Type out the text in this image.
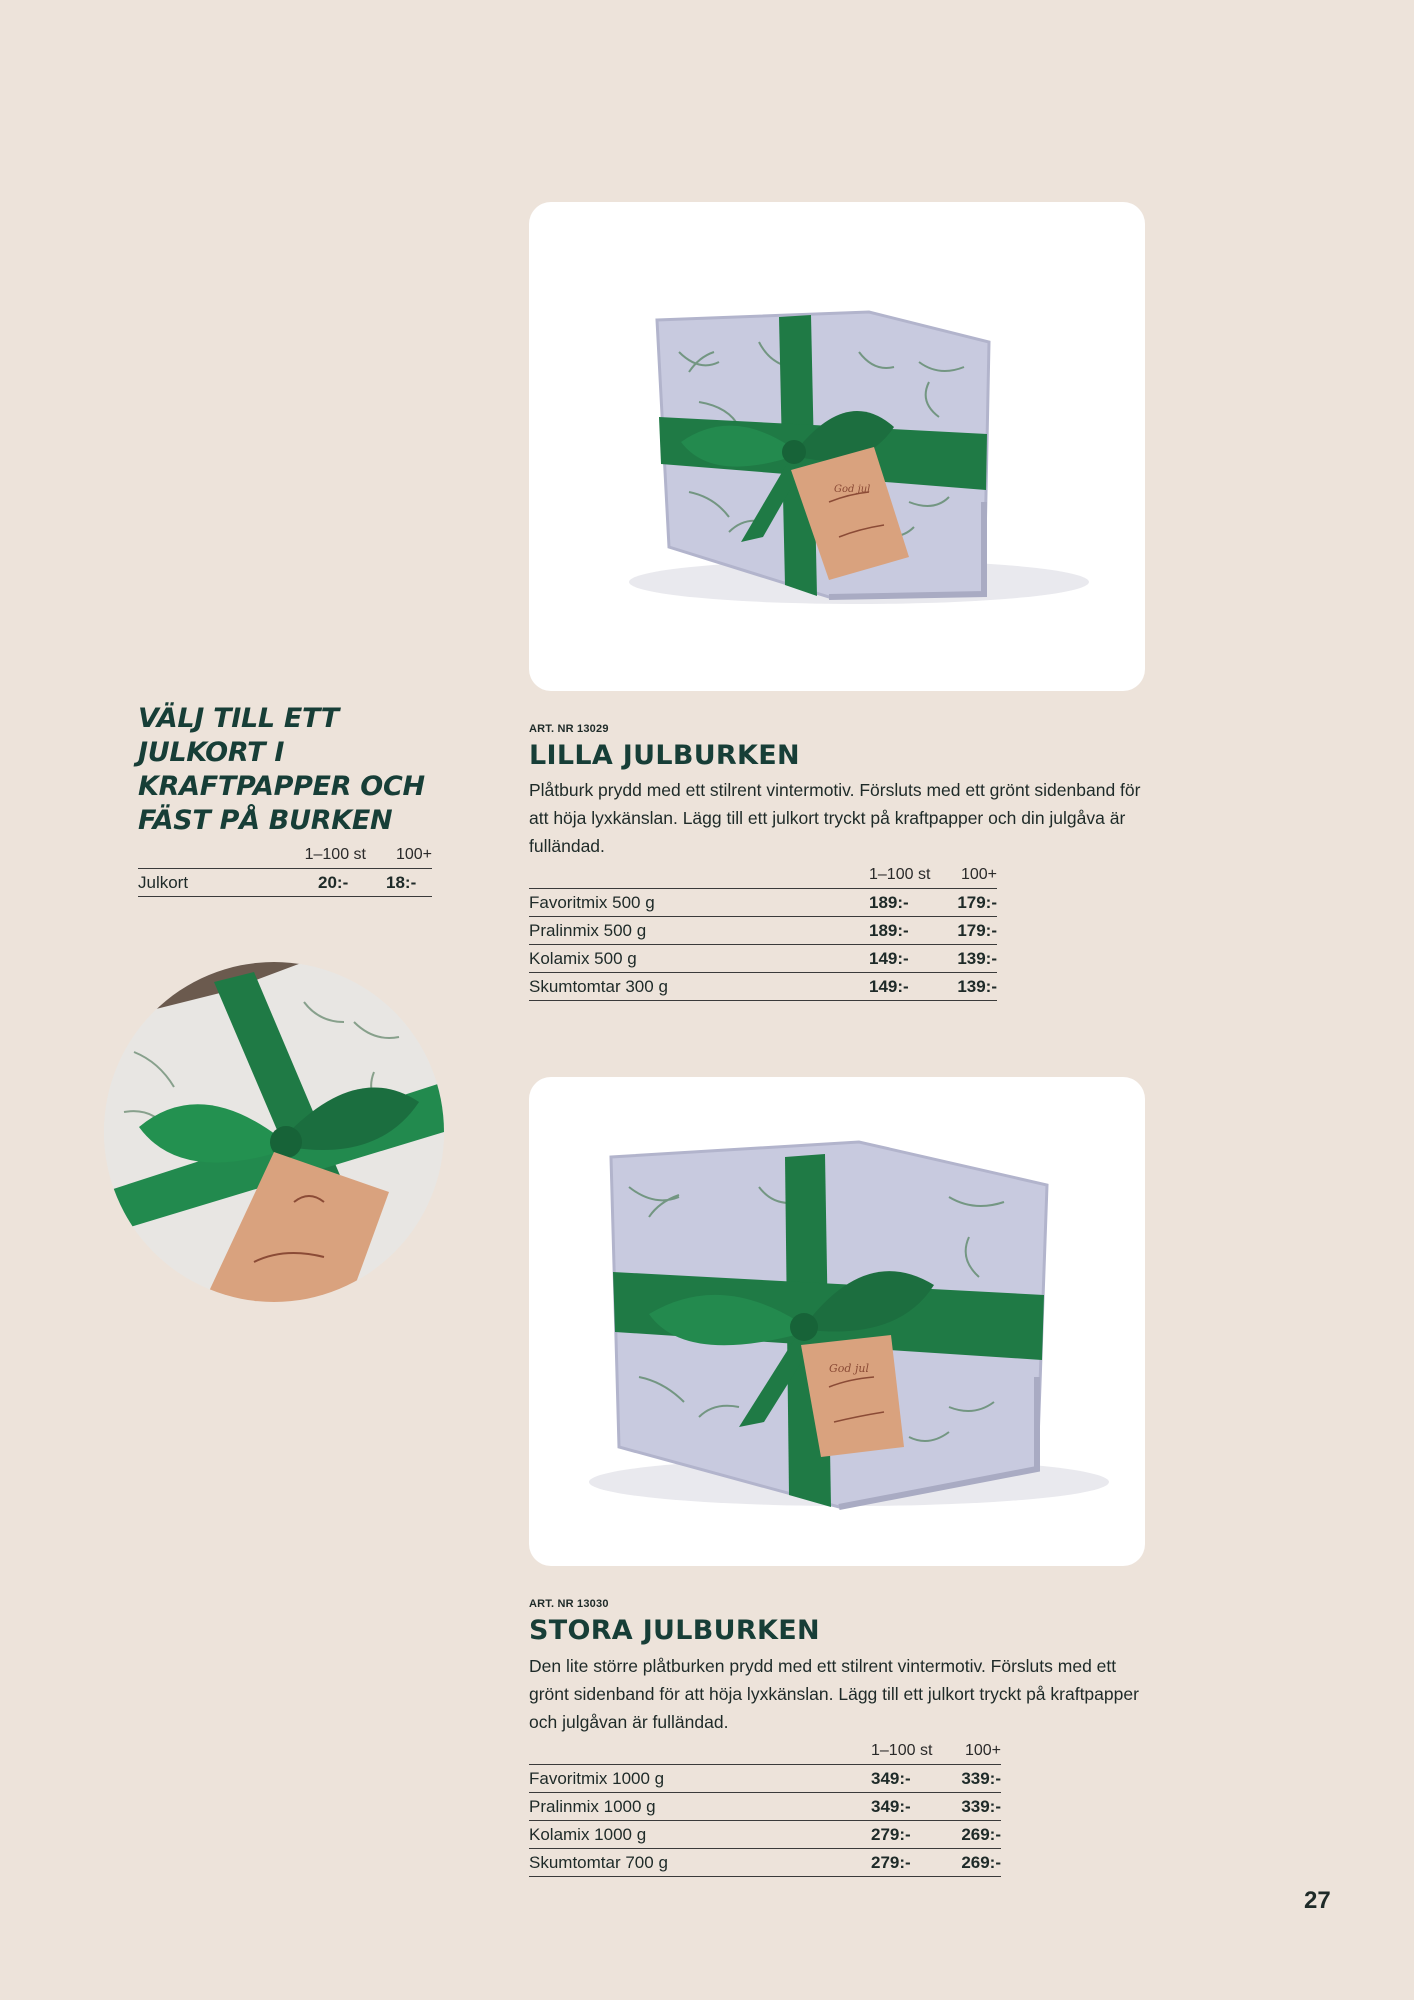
God jul
VÄLJ TILL ETT JULKORT I KRAFTPAPPER OCH FÄST PÅ BURKEN
	1–100 st	100+
Julkort	20:-	18:-
ART. NR 13029
LILLA JULBURKEN
Plåtburk prydd med ett stilrent vintermotiv. Försluts med ett grönt sidenband för att höja lyxkänslan. Lägg till ett julkort tryckt på kraftpapper och din julgåva är fulländad.
	1–100 st	100+
Favoritmix 500 g	189:-	179:-
Pralinmix 500 g	189:-	179:-
Kolamix 500 g	149:-	139:-
Skumtomtar 300 g	149:-	139:-
God jul
ART. NR 13030
STORA JULBURKEN
Den lite större plåtburken prydd med ett stilrent vintermotiv. Försluts med ett grönt sidenband för att höja lyxkänslan. Lägg till ett julkort tryckt på kraftpapper och julgåvan är fulländad.
	1–100 st	100+
Favoritmix 1000 g	349:-	339:-
Pralinmix 1000 g	349:-	339:-
Kolamix 1000 g	279:-	269:-
Skumtomtar 700 g	279:-	269:-
27
